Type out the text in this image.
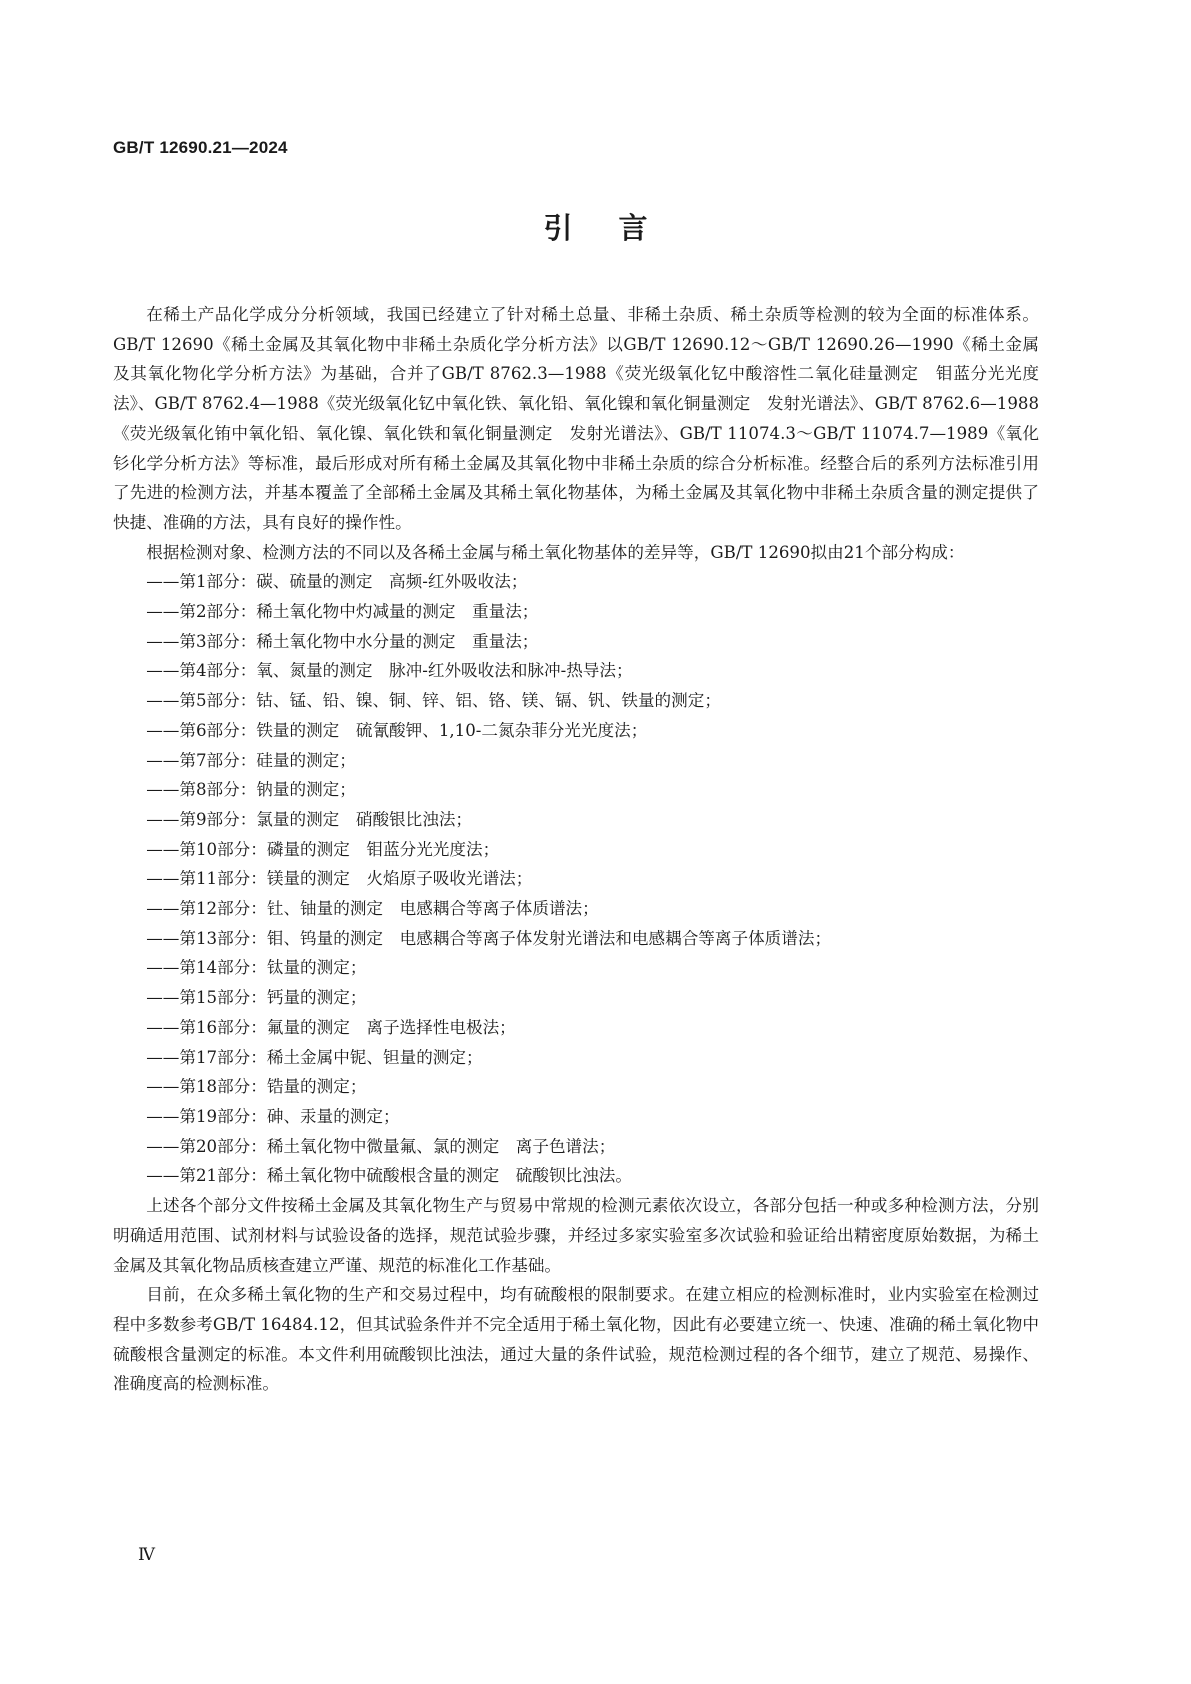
GB/T 12690.21—2024
引言

在稀土产品化学成分分析领域，我国已经建立了针对稀土总量、非稀土杂质、稀土杂质等检测的较为全面的标准体系。GB/T 12690《稀土金属及其氧化物中非稀土杂质化学分析方法》以GB/T 12690.12～GB/T 12690.26—1990《稀土金属及其氧化物化学分析方法》为基础，合并了GB/T 8762.3—1988《荧光级氧化钇中酸溶性二氧化硅量测定　钼蓝分光光度法》、GB/T 8762.4—1988《荧光级氧化钇中氧化铁、氧化铅、氧化镍和氧化铜量测定　发射光谱法》、GB/T 8762.6—1988《荧光级氧化铕中氧化铅、氧化镍、氧化铁和氧化铜量测定　发射光谱法》、GB/T 11074.3～GB/T 11074.7—1989《氧化钐化学分析方法》等标准，最后形成对所有稀土金属及其氧化物中非稀土杂质的综合分析标准。经整合后的系列方法标准引用了先进的检测方法，并基本覆盖了全部稀土金属及其稀土氧化物基体，为稀土金属及其氧化物中非稀土杂质含量的测定提供了快捷、准确的方法，具有良好的操作性。

根据检测对象、检测方法的不同以及各稀土金属与稀土氧化物基体的差异等，GB/T 12690拟由21个部分构成：

——第1部分：碳、硫量的测定　高频-红外吸收法；
——第2部分：稀土氧化物中灼减量的测定　重量法；
——第3部分：稀土氧化物中水分量的测定　重量法；
——第4部分：氧、氮量的测定　脉冲-红外吸收法和脉冲-热导法；
——第5部分：钴、锰、铅、镍、铜、锌、铝、铬、镁、镉、钒、铁量的测定；
——第6部分：铁量的测定　硫氰酸钾、1,10-二氮杂菲分光光度法；
——第7部分：硅量的测定；
——第8部分：钠量的测定；
——第9部分：氯量的测定　硝酸银比浊法；
——第10部分：磷量的测定　钼蓝分光光度法；
——第11部分：镁量的测定　火焰原子吸收光谱法；
——第12部分：钍、铀量的测定　电感耦合等离子体质谱法；
——第13部分：钼、钨量的测定　电感耦合等离子体发射光谱法和电感耦合等离子体质谱法；
——第14部分：钛量的测定；
——第15部分：钙量的测定；
——第16部分：氟量的测定　离子选择性电极法；
——第17部分：稀土金属中铌、钽量的测定；
——第18部分：锆量的测定；
——第19部分：砷、汞量的测定；
——第20部分：稀土氧化物中微量氟、氯的测定　离子色谱法；
——第21部分：稀土氧化物中硫酸根含量的测定　硫酸钡比浊法。

上述各个部分文件按稀土金属及其氧化物生产与贸易中常规的检测元素依次设立，各部分包括一种或多种检测方法，分别明确适用范围、试剂材料与试验设备的选择，规范试验步骤，并经过多家实验室多次试验和验证给出精密度原始数据，为稀土金属及其氧化物品质核查建立严谨、规范的标准化工作基础。

目前，在众多稀土氧化物的生产和交易过程中，均有硫酸根的限制要求。在建立相应的检测标准时，业内实验室在检测过程中多数参考GB/T 16484.12，但其试验条件并不完全适用于稀土氧化物，因此有必要建立统一、快速、准确的稀土氧化物中硫酸根含量测定的标准。本文件利用硫酸钡比浊法，通过大量的条件试验，规范检测过程的各个细节，建立了规范、易操作、准确度高的检测标准。

Ⅳ
